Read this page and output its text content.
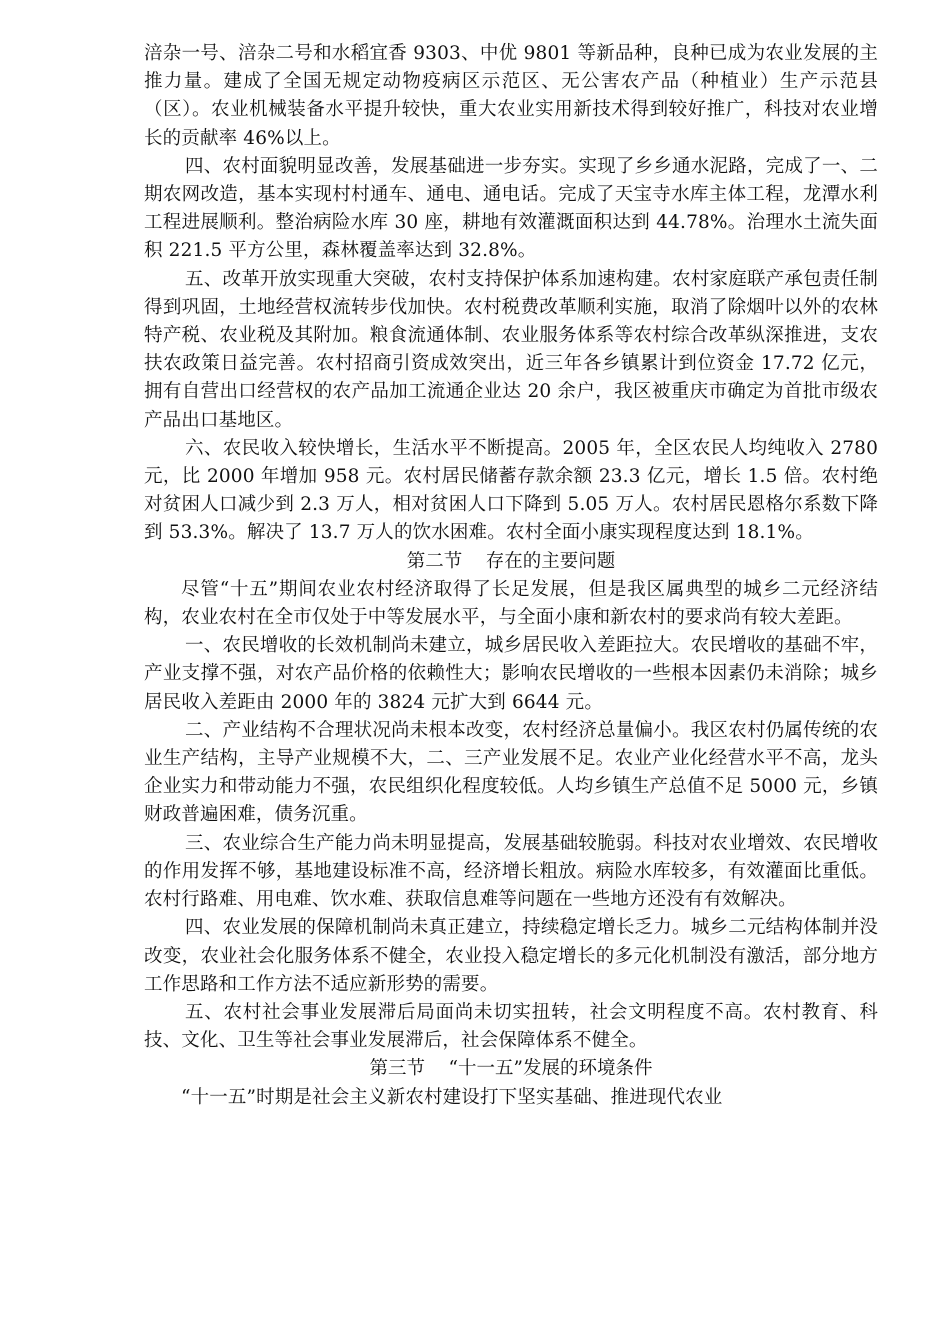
涪杂一号、涪杂二号和水稻宜香 9303、中优 9801 等新品种，良种已成为农业发展的主推力量。建成了全国无规定动物疫病区示范区、无公害农产品（种植业）生产示范县（区）。农业机械装备水平提升较快，重大农业实用新技术得到较好推广，科技对农业增长的贡献率 46%以上。

四、农村面貌明显改善，发展基础进一步夯实。实现了乡乡通水泥路，完成了一、二期农网改造，基本实现村村通车、通电、通电话。完成了天宝寺水库主体工程，龙潭水利工程进展顺利。整治病险水库 30 座，耕地有效灌溉面积达到 44.78%。治理水土流失面积 221.5 平方公里，森林覆盖率达到 32.8%。

五、改革开放实现重大突破，农村支持保护体系加速构建。农村家庭联产承包责任制得到巩固，土地经营权流转步伐加快。农村税费改革顺利实施，取消了除烟叶以外的农林特产税、农业税及其附加。粮食流通体制、农业服务体系等农村综合改革纵深推进，支农扶农政策日益完善。农村招商引资成效突出，近三年各乡镇累计到位资金 17.72 亿元，拥有自营出口经营权的农产品加工流通企业达 20 余户，我区被重庆市确定为首批市级农产品出口基地区。

六、农民收入较快增长，生活水平不断提高。2005 年，全区农民人均纯收入 2780 元，比 2000 年增加 958 元。农村居民储蓄存款余额 23.3 亿元，增长 1.5 倍。农村绝对贫困人口减少到 2.3 万人，相对贫困人口下降到 5.05 万人。农村居民恩格尔系数下降到 53.3%。解决了 13.7 万人的饮水困难。农村全面小康实现程度达到 18.1%。

第二节    存在的主要问题

尽管“十五”期间农业农村经济取得了长足发展，但是我区属典型的城乡二元经济结构，农业农村在全市仅处于中等发展水平，与全面小康和新农村的要求尚有较大差距。

一、农民增收的长效机制尚未建立，城乡居民收入差距拉大。农民增收的基础不牢，产业支撑不强，对农产品价格的依赖性大；影响农民增收的一些根本因素仍未消除；城乡居民收入差距由 2000 年的 3824 元扩大到 6644 元。

二、产业结构不合理状况尚未根本改变，农村经济总量偏小。我区农村仍属传统的农业生产结构，主导产业规模不大，二、三产业发展不足。农业产业化经营水平不高，龙头企业实力和带动能力不强，农民组织化程度较低。人均乡镇生产总值不足 5000 元，乡镇财政普遍困难，债务沉重。

三、农业综合生产能力尚未明显提高，发展基础较脆弱。科技对农业增效、农民增收的作用发挥不够，基地建设标准不高，经济增长粗放。病险水库较多，有效灌面比重低。农村行路难、用电难、饮水难、获取信息难等问题在一些地方还没有有效解决。

四、农业发展的保障机制尚未真正建立，持续稳定增长乏力。城乡二元结构体制并没改变，农业社会化服务体系不健全，农业投入稳定增长的多元化机制没有激活，部分地方工作思路和工作方法不适应新形势的需要。

五、农村社会事业发展滞后局面尚未切实扭转，社会文明程度不高。农村教育、科技、文化、卫生等社会事业发展滞后，社会保障体系不健全。

第三节    “十一五”发展的环境条件

“十一五”时期是社会主义新农村建设打下坚实基础、推进现代农业
